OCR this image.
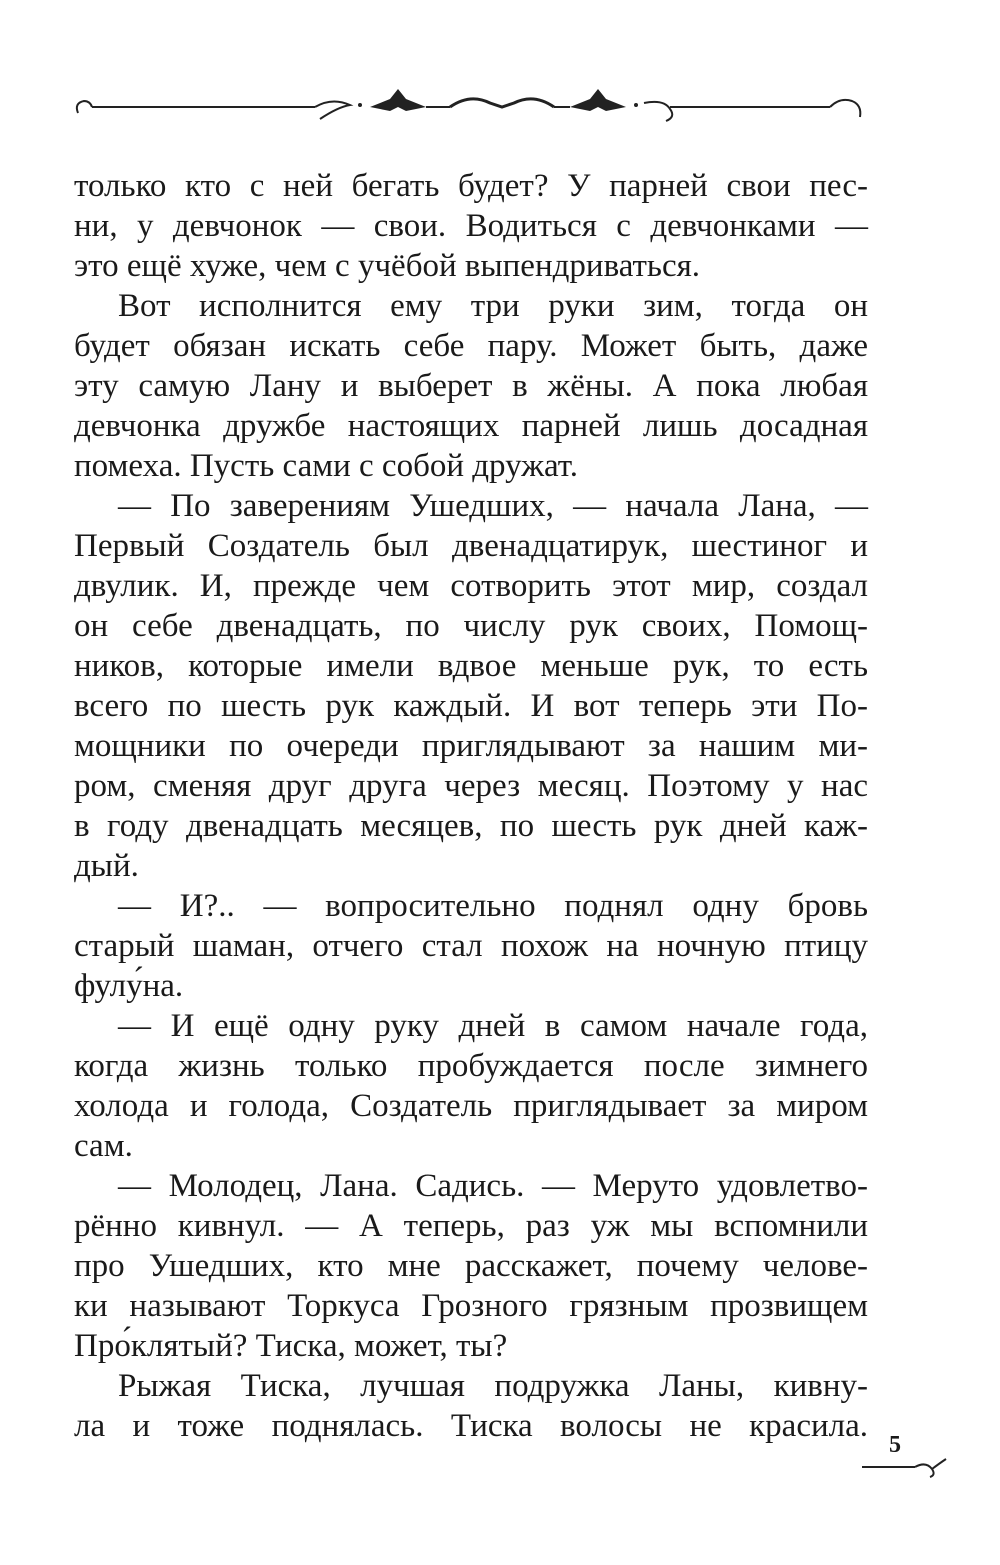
только кто с ней бегать будет? У парней свои пес-
ни, у девчонок — свои. Водиться с девчонками —
это ещё хуже, чем с учёбой выпендриваться.
Вот исполнится ему три руки зим, тогда он
будет обязан искать себе пару. Может быть, даже
эту самую Лану и выберет в жёны. А пока любая
девчонка дружбе настоящих парней лишь досадная
помеха. Пусть сами с собой дружат.
— По заверениям Ушедших, — начала Лана, —
Первый Создатель был двенадцатирук, шестиног и
двулик. И, прежде чем сотворить этот мир, создал
он себе двенадцать, по числу рук своих, Помощ-
ников, которые имели вдвое меньше рук, то есть
всего по шесть рук каждый. И вот теперь эти По-
мощники по очереди приглядывают за нашим ми-
ром, сменяя друг друга через месяц. Поэтому у нас
в году двенадцать месяцев, по шесть рук дней каж-
дый.
— И?.. — вопросительно поднял одну бровь
старый шаман, отчего стал похож на ночную птицу
фулу́на.
— И ещё одну руку дней в самом начале года,
когда жизнь только пробуждается после зимнего
холода и голода, Создатель приглядывает за миром
сам.
— Молодец, Лана. Садись. — Меруто удовлетво-
рённо кивнул. — А теперь, раз уж мы вспомнили
про Ушедших, кто мне расскажет, почему челове-
ки называют Торкуса Грозного грязным прозвищем
Про́клятый? Тиска, может, ты?
Рыжая Тиска, лучшая подружка Ланы, кивну-
ла и тоже поднялась. Тиска волосы не красила.
5
